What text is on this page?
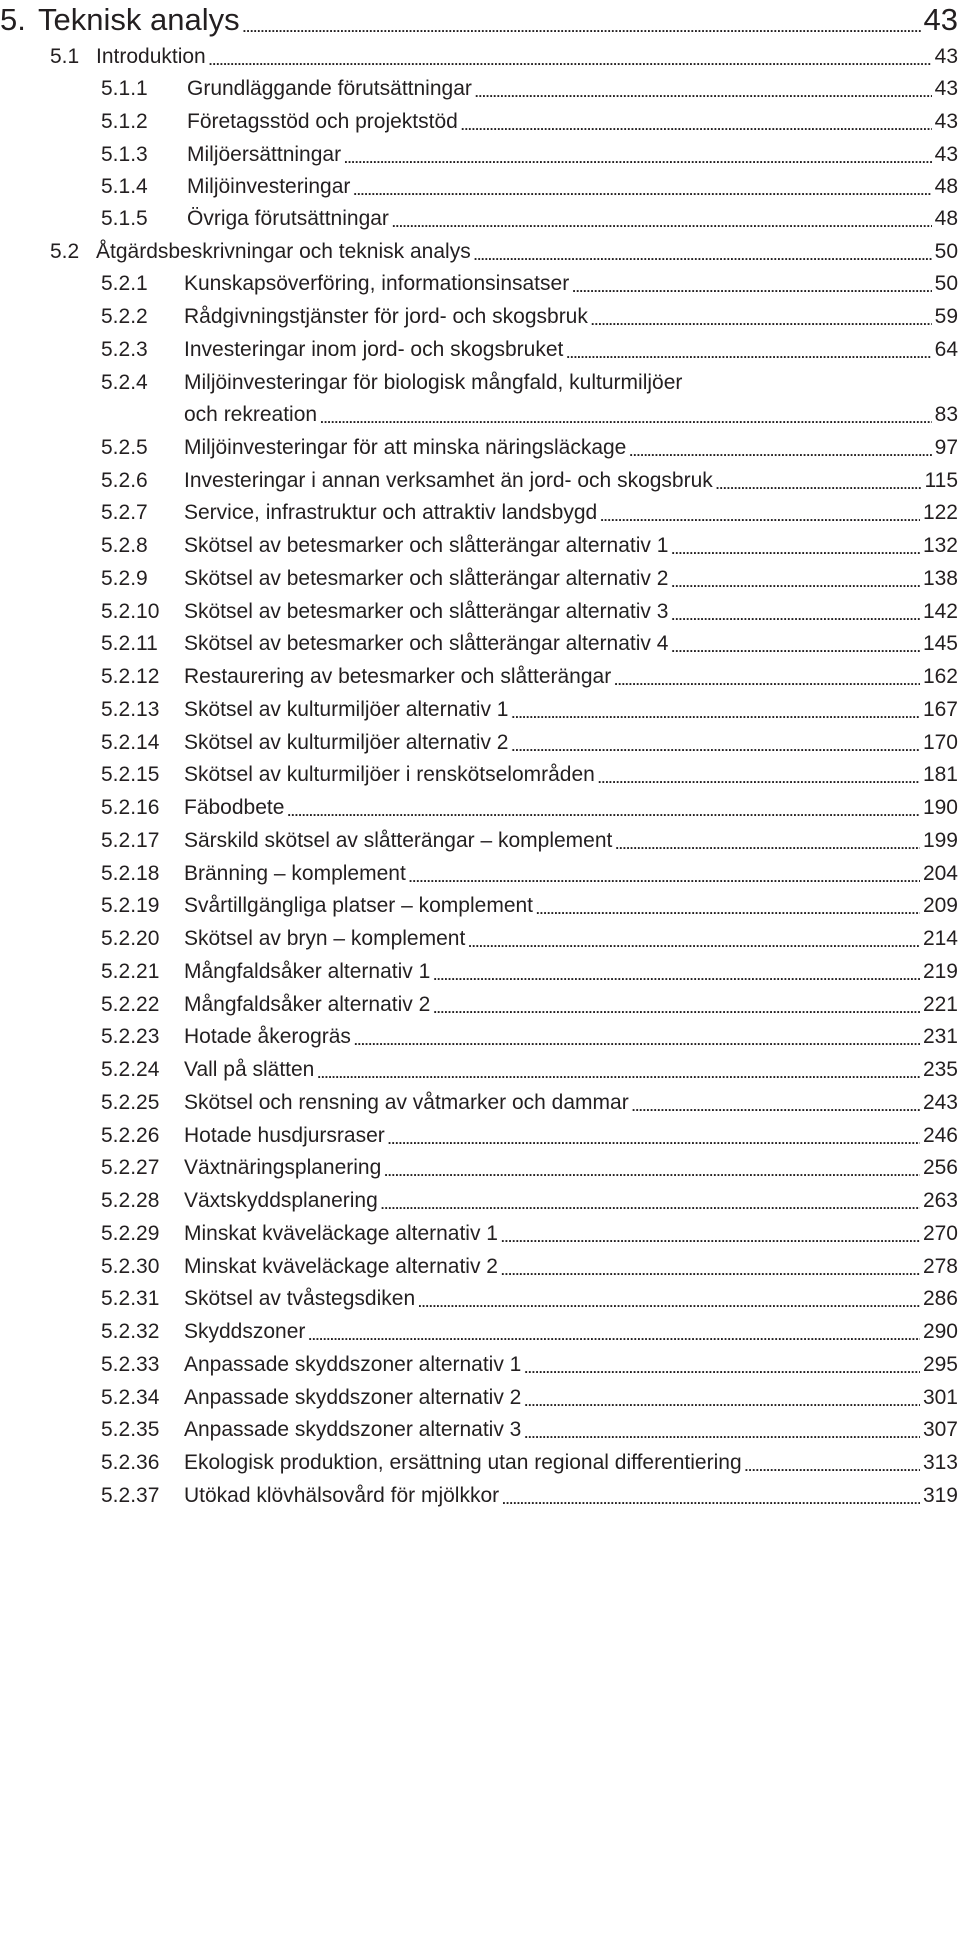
5. Teknisk analys .....	43
5.1 Introduktion .....	43
5.1.1	Grundläggande förutsättningar .....	43
5.1.2	Företagsstöd och projektstöd .....	43
5.1.3	Miljöersättningar .....	43
5.1.4	Miljöinvesteringar .....	48
5.1.5	Övriga förutsättningar .....	48
5.2 Åtgärdsbeskrivningar och teknisk analys .....	50
5.2.1	Kunskapsöverföring, informationsinsatser .....	50
5.2.2	Rådgivningstjänster för jord- och skogsbruk .....	59
5.2.3	Investeringar inom jord- och skogsbruket .....	64
5.2.4	Miljöinvesteringar för biologisk mångfald, kulturmiljöer
och rekreation .....	83
5.2.5	Miljöinvesteringar för att minska näringsläckage .....	97
5.2.6	Investeringar i annan verksamhet än jord- och skogsbruk .....	115
5.2.7	Service, infrastruktur och attraktiv landsbygd .....	122
5.2.8	Skötsel av betesmarker och slåtterängar alternativ 1 .....	132
5.2.9	Skötsel av betesmarker och slåtterängar alternativ 2 .....	138
5.2.10	Skötsel av betesmarker och slåtterängar alternativ 3 .....	142
5.2.11	Skötsel av betesmarker och slåtterängar alternativ 4 .....	145
5.2.12	Restaurering av betesmarker och slåtterängar .....	162
5.2.13	Skötsel av kulturmiljöer alternativ 1 .....	167
5.2.14	Skötsel av kulturmiljöer alternativ 2 .....	170
5.2.15	Skötsel av kulturmiljöer i renskötselområden .....	181
5.2.16	Fäbodbete .....	190
5.2.17	Särskild skötsel av slåtterängar – komplement .....	199
5.2.18	Bränning – komplement .....	204
5.2.19	Svårtillgängliga platser – komplement .....	209
5.2.20	Skötsel av bryn – komplement .....	214
5.2.21	Mångfaldsåker alternativ 1 .....	219
5.2.22	Mångfaldsåker alternativ 2 .....	221
5.2.23	Hotade åkerogräs .....	231
5.2.24	Vall på slätten .....	235
5.2.25	Skötsel och rensning av våtmarker och dammar .....	243
5.2.26	Hotade husdjursraser .....	246
5.2.27	Växtnäringsplanering .....	256
5.2.28	Växtskyddsplanering .....	263
5.2.29	Minskat kväveläckage alternativ 1 .....	270
5.2.30	Minskat kväveläckage alternativ 2 .....	278
5.2.31	Skötsel av tvåstegsdiken .....	286
5.2.32	Skyddszoner .....	290
5.2.33	Anpassade skyddszoner alternativ 1 .....	295
5.2.34	Anpassade skyddszoner alternativ 2 .....	301
5.2.35	Anpassade skyddszoner alternativ 3 .....	307
5.2.36	Ekologisk produktion, ersättning utan regional differentiering .....	313
5.2.37	Utökad klövhälsovård för mjölkkor .....	319
